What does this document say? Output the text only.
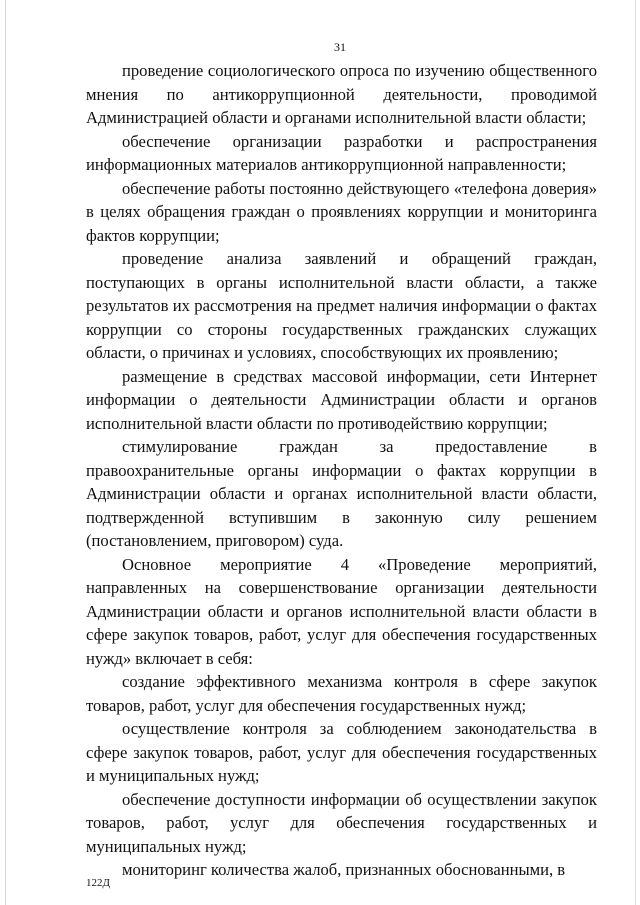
31

проведение социологического опроса по изучению общественного мнения по антикоррупционной деятельности, проводимой Администрацией области и органами исполнительной власти области;

обеспечение организации разработки и распространения информационных материалов антикоррупционной направленности;

обеспечение работы постоянно действующего «телефона доверия» в целях обращения граждан о проявлениях коррупции и мониторинга фактов коррупции;

проведение анализа заявлений и обращений граждан, поступающих в органы исполнительной власти области, а также результатов их рассмотрения на предмет наличия информации о фактах коррупции со стороны государственных гражданских служащих области, о причинах и условиях, способствующих их проявлению;

размещение в средствах массовой информации, сети Интернет информации о деятельности Администрации области и органов исполнительной власти области по противодействию коррупции;

стимулирование граждан за предоставление в правоохранительные органы информации о фактах коррупции в Администрации области и органах исполнительной власти области, подтвержденной вступившим в законную силу решением (постановлением, приговором) суда.

Основное мероприятие 4 «Проведение мероприятий, направленных на совершенствование организации деятельности Администрации области и органов исполнительной власти области в сфере закупок товаров, работ, услуг для обеспечения государственных нужд» включает в себя:

создание эффективного механизма контроля в сфере закупок товаров, работ, услуг для обеспечения государственных нужд;

осуществление контроля за соблюдением законодательства в сфере закупок товаров, работ, услуг для обеспечения государственных и муниципальных нужд;

обеспечение доступности информации об осуществлении закупок товаров, работ, услуг для обеспечения государственных и муниципальных нужд;

мониторинг количества жалоб, признанных обоснованными, в

122Д
